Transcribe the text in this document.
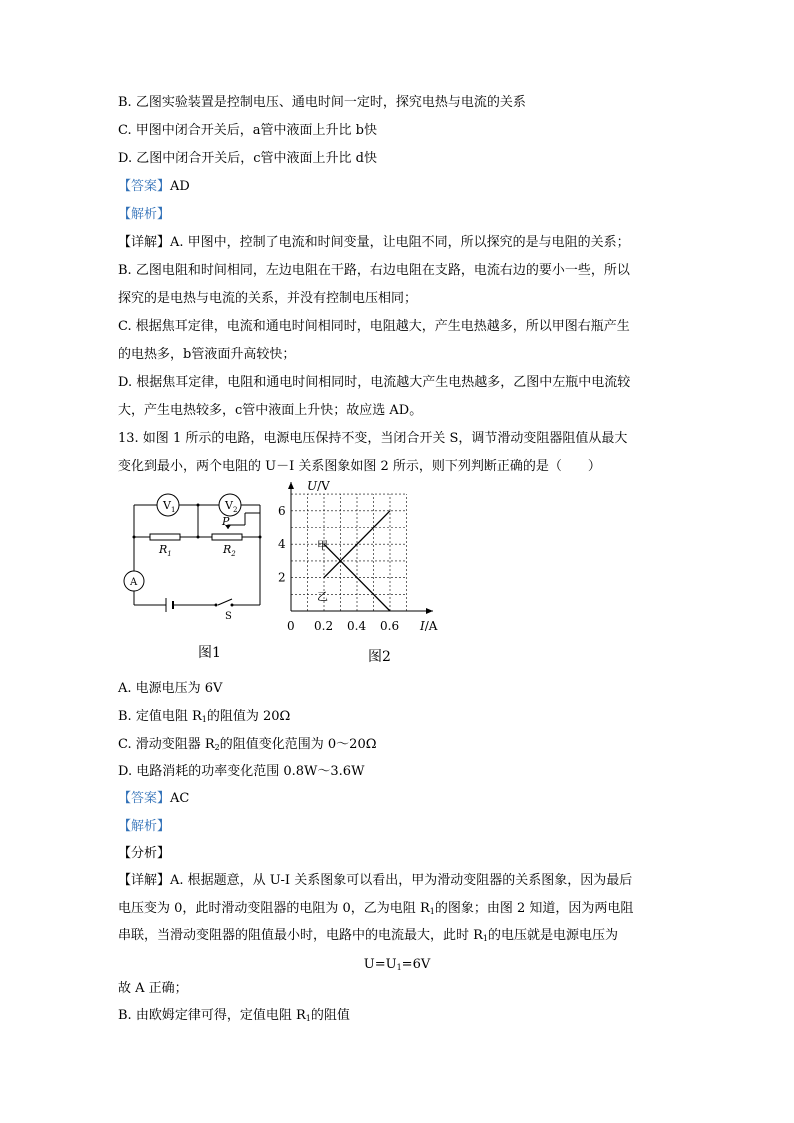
B. 乙图实验装置是控制电压、通电时间一定时，探究电热与电流的关系
C. 甲图中闭合开关后，a管中液面上升比 b快
D. 乙图中闭合开关后，c管中液面上升比 d快
【答案】AD
【解析】
【详解】A. 甲图中，控制了电流和时间变量，让电阻不同，所以探究的是与电阻的关系；
B. 乙图电阻和时间相同，左边电阻在干路，右边电阻在支路，电流右边的要小一些，所以
探究的是电热与电流的关系，并没有控制电压相同；
C. 根据焦耳定律，电流和通电时间相同时，电阻越大，产生电热越多，所以甲图右瓶产生
的电热多，b管液面升高较快；
D. 根据焦耳定律，电阻和通电时间相同时，电流越大产生电热越多，乙图中左瓶中电流较
大，产生电热较多，c管中液面上升快；故应选 AD。
13. 如图 1 所示的电路，电源电压保持不变，当闭合开关 S，调节滑动变阻器阻值从最大
变化到最小，两个电阻的 U－I 关系图象如图 2 所示，则下列判断正确的是（　　）
$V_1$	$V_2$
P
$R_1$	$R_2$
A
S
图1
U/V
I/A
0 0.2 0.4 0.6
2
4
6
甲
乙
图2
A. 电源电压为 6V
B. 定值电阻 $R_1$的阻值为 20Ω
C. 滑动变阻器 $R_2$的阻值变化范围为 0～20Ω
D. 电路消耗的功率变化范围 0.8W～3.6W
【答案】AC
【解析】
【分析】
【详解】A. 根据题意，从 U-I 关系图象可以看出，甲为滑动变阻器的关系图象，因为最后
电压变为 0，此时滑动变阻器的电阻为 0，乙为电阻 $R_1$的图象；由图 2 知道，因为两电阻
串联，当滑动变阻器的阻值最小时，电路中的电流最大，此时 $R_1$的电压就是电源电压为
$U=U_1=6V$
故 A 正确；
B. 由欧姆定律可得，定值电阻 $R_1$的阻值
